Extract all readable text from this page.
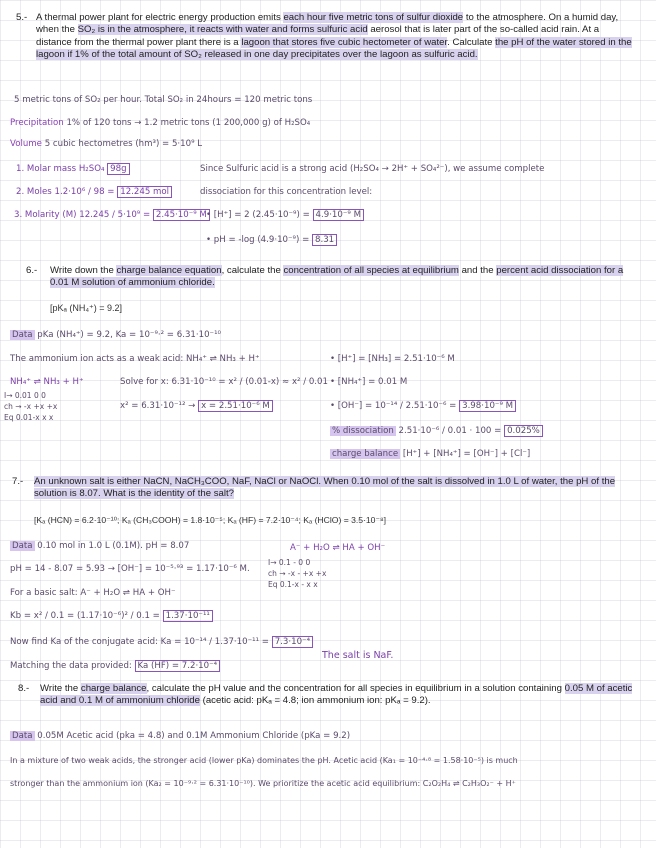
5.- A thermal power plant for electric energy production emits each hour five metric tons of sulfur dioxide to the atmosphere. On a humid day, when the SO₂ is in the atmosphere, it reacts with water and forms sulfuric acid aerosol that is later part of the so-called acid rain. At a distance from the thermal power plant there is a lagoon that stores five cubic hectometer of water. Calculate the pH of the water stored in the lagoon if 1% of the total amount of SO₂ released in one day precipitates over the lagoon as sulfuric acid.
5 metric tons of SO₂ per hour. Total SO₂ in 24hours = 120 metric tons
Precipitation 1% of 120 tons → 1.2 metric tons (1 200,000 g) of H₂SO₄
Volume 5 cubic hectometres (hm³) = 5·10⁹ L
1. Molar mass H₂SO₄ 98g
2. Moles 1.2·10⁶ / 98 = 12.245 mol
3. Molarity (M) 12.245 / 5·10⁹ = 2.45·10⁻⁹ M
Since Sulfuric acid is a strong acid (H₂SO₄ → 2H⁺ + SO₄²⁻), we assume complete
dissociation for this concentration level:
• [H⁺] = 2 (2.45·10⁻⁹) = 4.9·10⁻⁹ M
• pH = -log (4.9·10⁻⁹) = 8.31
6.- Write down the charge balance equation, calculate the concentration of all species at equilibrium and the percent acid dissociation for a 0.01 M solution of ammonium chloride.
[pKₐ (NH₄⁺) = 9.2]
Data pKa (NH₄⁺) = 9.2, Ka = 10⁻⁹·² = 6.31·10⁻¹⁰
The ammonium ion acts as a weak acid: NH₄⁺ ⇌ NH₃ + H⁺
NH₄⁺ ⇌ NH₃ + H⁺
I→ 0.01 0 0
ch → -x +x +x
Eq 0.01-x x x
Solve for x: 6.31·10⁻¹⁰ = x² / (0.01-x) ≈ x² / 0.01
x² = 6.31·10⁻¹² → x = 2.51·10⁻⁶ M
• [H⁺] = [NH₃] = 2.51·10⁻⁶ M
• [NH₄⁺] = 0.01 M
• [OH⁻] = 10⁻¹⁴ / 2.51·10⁻⁶ = 3.98·10⁻⁹ M
% dissociation 2.51·10⁻⁶ / 0.01 · 100 = 0.025%
charge balance [H⁺] + [NH₄⁺] = [OH⁻] + [Cl⁻]
7.- An unknown salt is either NaCN, NaCH₃COO, NaF, NaCl or NaOCl. When 0.10 mol of the salt is dissolved in 1.0 L of water, the pH of the solution is 8.07. What is the identity of the salt?
[Kₐ (HCN) = 6.2·10⁻¹⁰; Kₐ (CH₃COOH) = 1.8·10⁻⁵; Kₐ (HF) = 7.2·10⁻⁴; Kₐ (HClO) = 3.5·10⁻⁸]
Data 0.10 mol in 1.0 L (0.1M). pH = 8.07
pH = 14 - 8.07 = 5.93 → [OH⁻] = 10⁻⁵·⁹³ = 1.17·10⁻⁶ M.
A⁻ + H₂O ⇌ HA + OH⁻
I→ 0.1 - 0 0
ch → -x - +x +x
Eq 0.1-x - x x
For a basic salt: A⁻ + H₂O ⇌ HA + OH⁻
Kb = x² / 0.1 = (1.17·10⁻⁶)² / 0.1 = 1.37·10⁻¹¹
Now find Ka of the conjugate acid: Ka = 10⁻¹⁴ / 1.37·10⁻¹¹ = 7.3·10⁻⁴
Matching the data provided: Ka (HF) = 7.2·10⁻⁴
The salt is NaF.
8.- Write the charge balance, calculate the pH value and the concentration for all species in equilibrium in a solution containing 0.05 M of acetic acid and 0.1 M of ammonium chloride (acetic acid: pKₐ = 4.8; ion ammonium ion: pKₐ = 9.2).
Data 0.05M Acetic acid (pka = 4.8) and 0.1M Ammonium Chloride (pKa = 9.2)
In a mixture of two weak acids, the stronger acid (lower pKa) dominates the pH. Acetic acid (Ka₁ = 10⁻⁴·⁸ = 1.58·10⁻⁵) is much
stronger than the ammonium ion (Ka₂ = 10⁻⁹·² = 6.31·10⁻¹⁰). We prioritize the acetic acid equilibrium: C₂O₂H₄ ⇌ C₂H₃O₂⁻ + H⁺
